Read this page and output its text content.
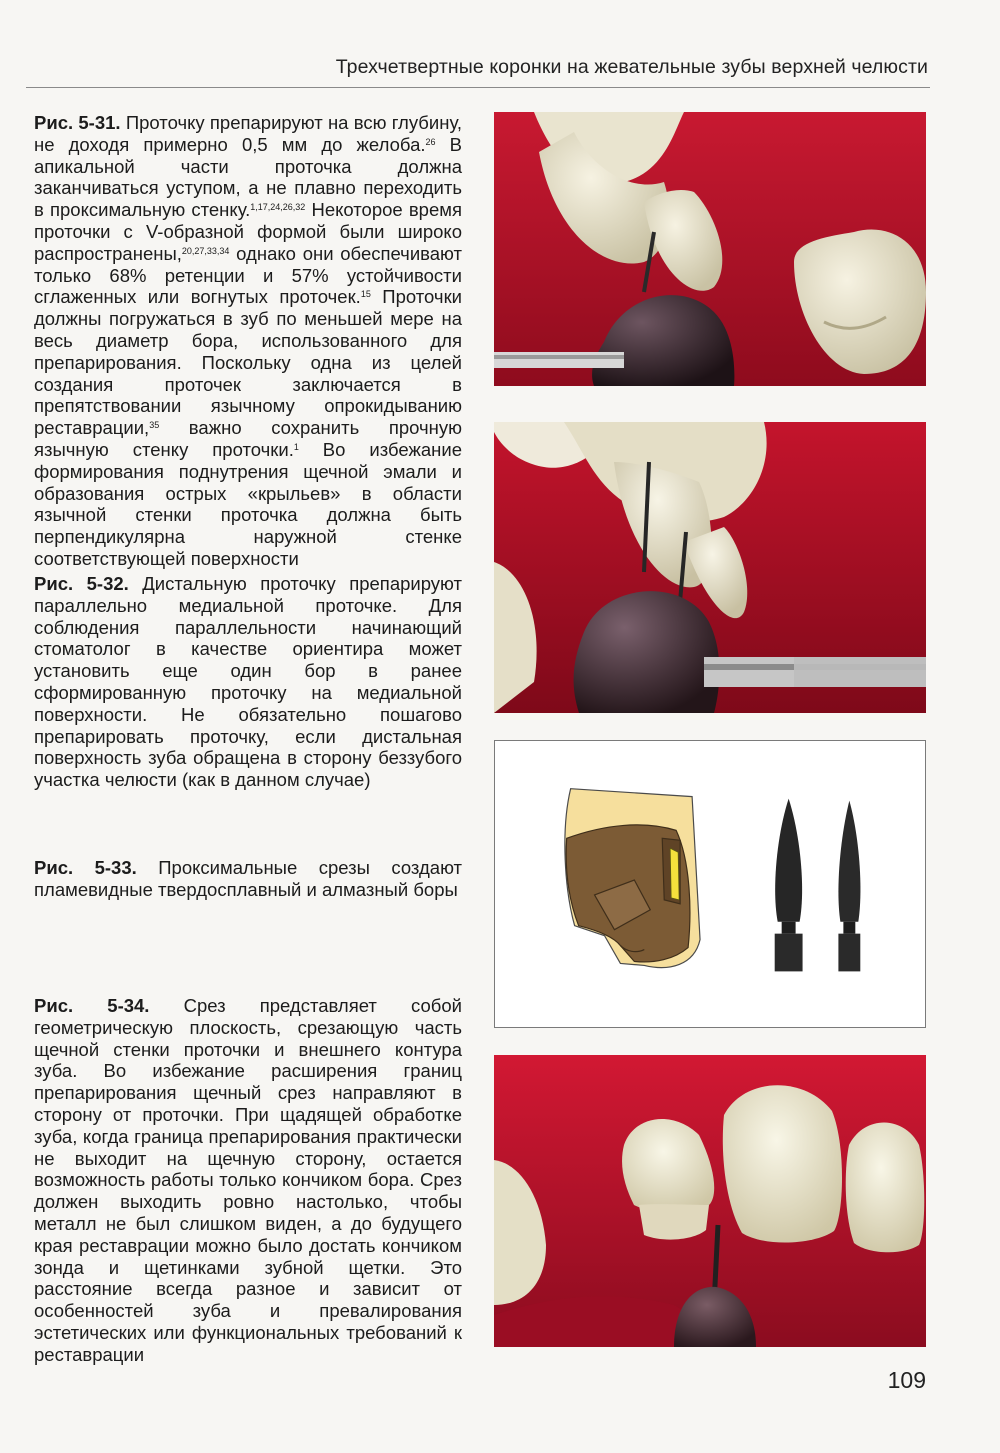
Трехчетвертные коронки на жевательные зубы верхней челюсти
Рис. 5-31. Проточку препарируют на всю глубину, не доходя примерно 0,5 мм до желоба.$^{26}$ В апикальной части проточка должна заканчиваться уступом, а не плавно переходить в проксимальную стенку.$^{1,17,24,26,32}$ Некоторое время проточки с V-образной формой были широко распространены,$^{20,27,33,34}$ однако они обеспечивают только 68% ретенции и 57% устойчивости сглаженных или вогнутых проточек.$^{15}$ Проточки должны погружаться в зуб по меньшей мере на весь диаметр бора, использованного для препарирования. Поскольку одна из целей создания проточек заключается в препятствовании язычному опрокидыванию реставрации,$^{35}$ важно сохранить прочную язычную стенку проточки.$^1$ Во избежание формирования поднутрения щечной эмали и образования острых «крыльев» в области язычной стенки проточка должна быть перпендикулярна наружной стенке соответствующей поверхности
Рис. 5-32. Дистальную проточку препарируют параллельно медиальной проточке. Для соблюдения параллельности начинающий стоматолог в качестве ориентира может установить еще один бор в ранее сформированную проточку на медиальной поверхности. Не обязательно пошагово препарировать проточку, если дистальная поверхность зуба обращена в сторону беззубого участка челюсти (как в данном случае)
Рис. 5-33. Проксимальные срезы создают пламевидные твердосплавный и алмазный боры
Рис. 5-34. Срез представляет собой геометрическую плоскость, срезающую часть щечной стенки проточки и внешнего контура зуба. Во избежание расширения границ препарирования щечный срез направляют в сторону от проточки. При щадящей обработке зуба, когда граница препарирования практически не выходит на щечную сторону, остается возможность работы только кончиком бора. Срез должен выходить ровно настолько, чтобы металл не был слишком виден, а до будущего края реставрации можно было достать кончиком зонда и щетинками зубной щетки. Это расстояние всегда разное и зависит от особенностей зуба и превалирования эстетических или функциональных требований к реставрации
109
